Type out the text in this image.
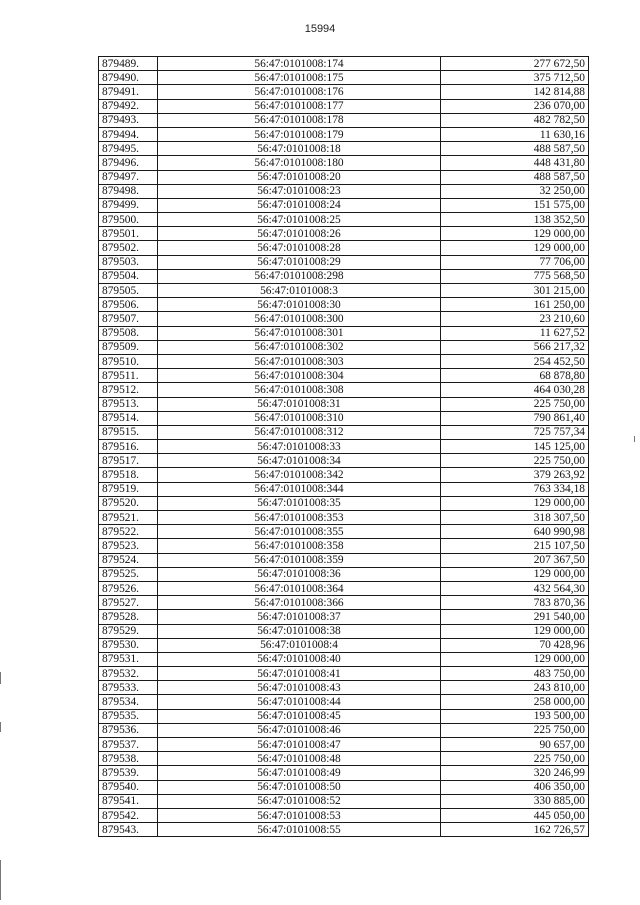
15994
879489.	56:47:0101008:174	277 672,50
879490.	56:47:0101008:175	375 712,50
879491.	56:47:0101008:176	142 814,88
879492.	56:47:0101008:177	236 070,00
879493.	56:47:0101008:178	482 782,50
879494.	56:47:0101008:179	11 630,16
879495.	56:47:0101008:18	488 587,50
879496.	56:47:0101008:180	448 431,80
879497.	56:47:0101008:20	488 587,50
879498.	56:47:0101008:23	32 250,00
879499.	56:47:0101008:24	151 575,00
879500.	56:47:0101008:25	138 352,50
879501.	56:47:0101008:26	129 000,00
879502.	56:47:0101008:28	129 000,00
879503.	56:47:0101008:29	77 706,00
879504.	56:47:0101008:298	775 568,50
879505.	56:47:0101008:3	301 215,00
879506.	56:47:0101008:30	161 250,00
879507.	56:47:0101008:300	23 210,60
879508.	56:47:0101008:301	11 627,52
879509.	56:47:0101008:302	566 217,32
879510.	56:47:0101008:303	254 452,50
879511.	56:47:0101008:304	68 878,80
879512.	56:47:0101008:308	464 030,28
879513.	56:47:0101008:31	225 750,00
879514.	56:47:0101008:310	790 861,40
879515.	56:47:0101008:312	725 757,34
879516.	56:47:0101008:33	145 125,00
879517.	56:47:0101008:34	225 750,00
879518.	56:47:0101008:342	379 263,92
879519.	56:47:0101008:344	763 334,18
879520.	56:47:0101008:35	129 000,00
879521.	56:47:0101008:353	318 307,50
879522.	56:47:0101008:355	640 990,98
879523.	56:47:0101008:358	215 107,50
879524.	56:47:0101008:359	207 367,50
879525.	56:47:0101008:36	129 000,00
879526.	56:47:0101008:364	432 564,30
879527.	56:47:0101008:366	783 870,36
879528.	56:47:0101008:37	291 540,00
879529.	56:47:0101008:38	129 000,00
879530.	56:47:0101008:4	70 428,96
879531.	56:47:0101008:40	129 000,00
879532.	56:47:0101008:41	483 750,00
879533.	56:47:0101008:43	243 810,00
879534.	56:47:0101008:44	258 000,00
879535.	56:47:0101008:45	193 500,00
879536.	56:47:0101008:46	225 750,00
879537.	56:47:0101008:47	90 657,00
879538.	56:47:0101008:48	225 750,00
879539.	56:47:0101008:49	320 246,99
879540.	56:47:0101008:50	406 350,00
879541.	56:47:0101008:52	330 885,00
879542.	56:47:0101008:53	445 050,00
879543.	56:47:0101008:55	162 726,57
